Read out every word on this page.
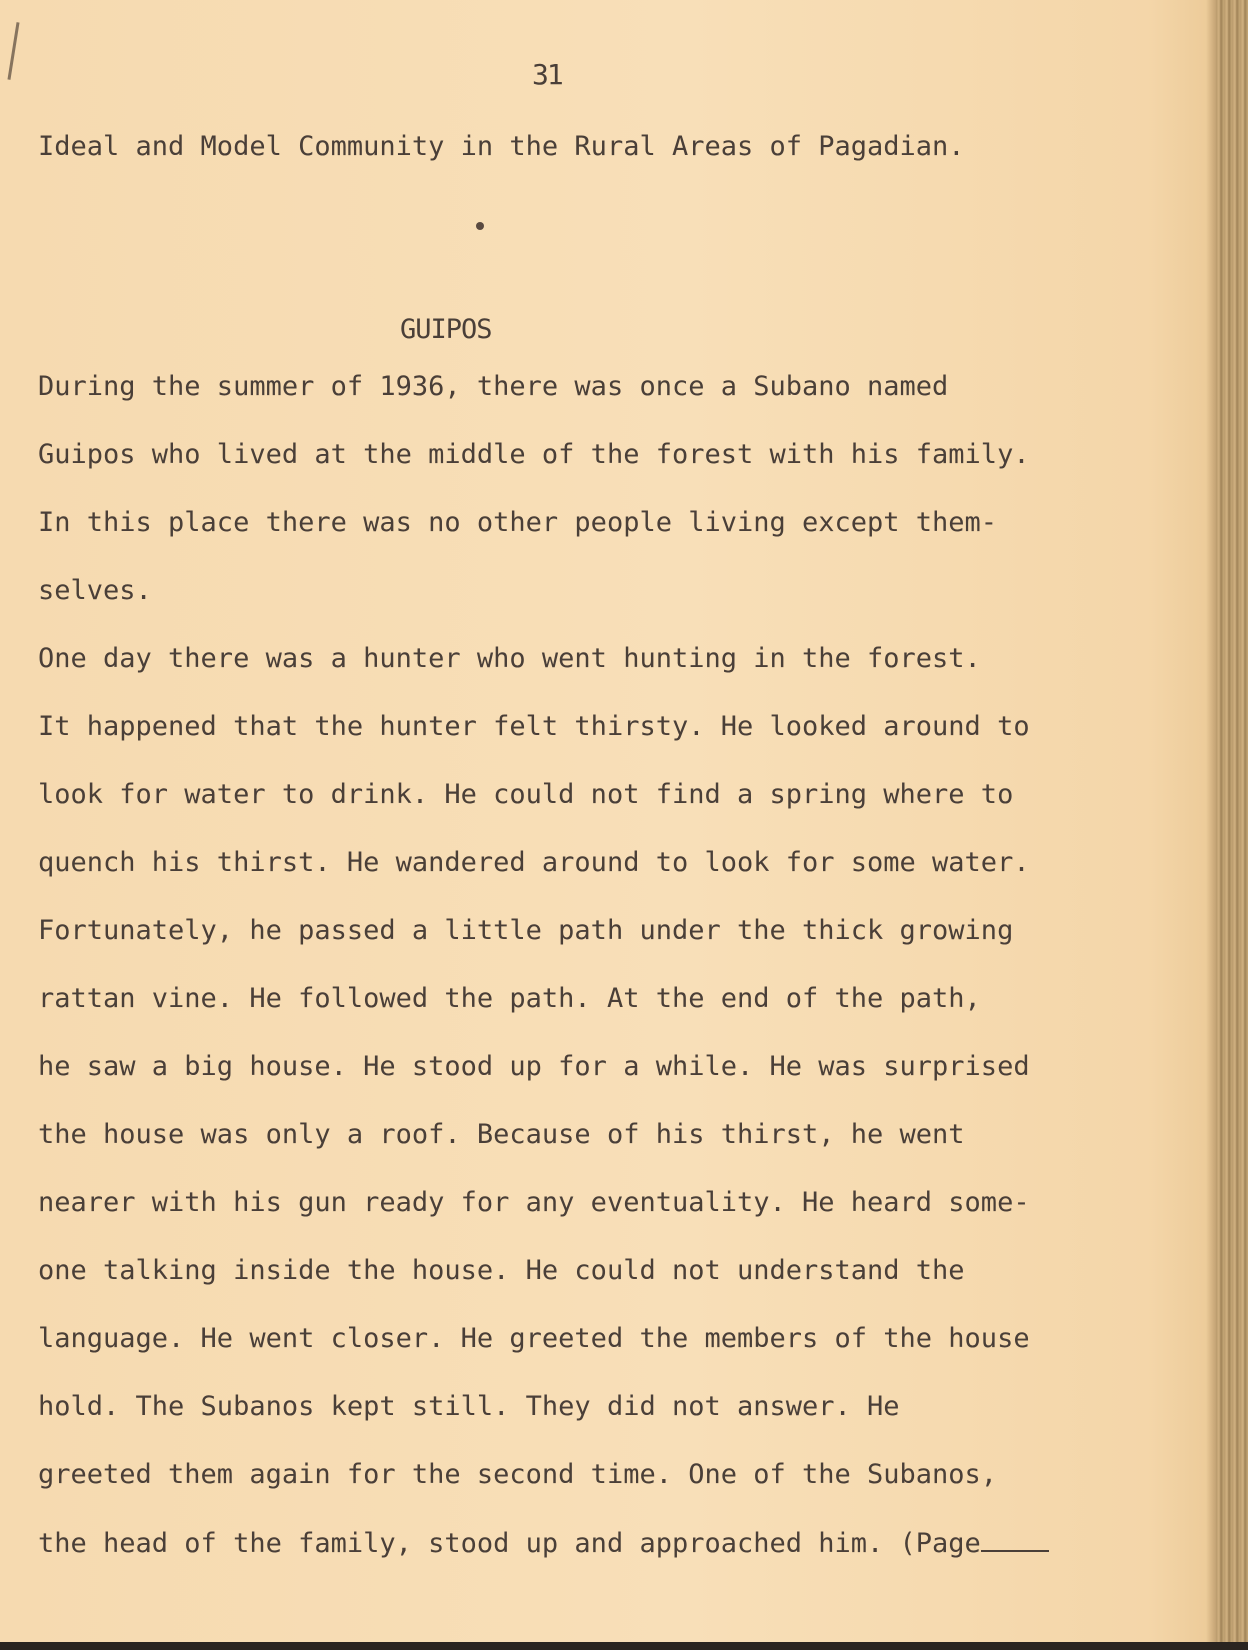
31
Ideal and Model Community in the Rural Areas of Pagadian.
GUIPOS
During the summer of 1936, there was once a Subano named
Guipos who lived at the middle of the forest with his family.
In this place there was no other people living except them-
selves.
One day there was a hunter who went hunting in the forest.
It happened that the hunter felt thirsty. He looked around to
look for water to drink. He could not find a spring where to
quench his thirst. He wandered around to look for some water.
Fortunately, he passed a little path under the thick growing
rattan vine. He followed the path. At the end of the path,
he saw a big house. He stood up for a while. He was surprised
the house was only a roof. Because of his thirst, he went
nearer with his gun ready for any eventuality. He heard some-
one talking inside the house. He could not understand the
language. He went closer. He greeted the members of the house
hold. The Subanos kept still. They did not answer. He
greeted them again for the second time. One of the Subanos,
the head of the family, stood up and approached him. (Page
